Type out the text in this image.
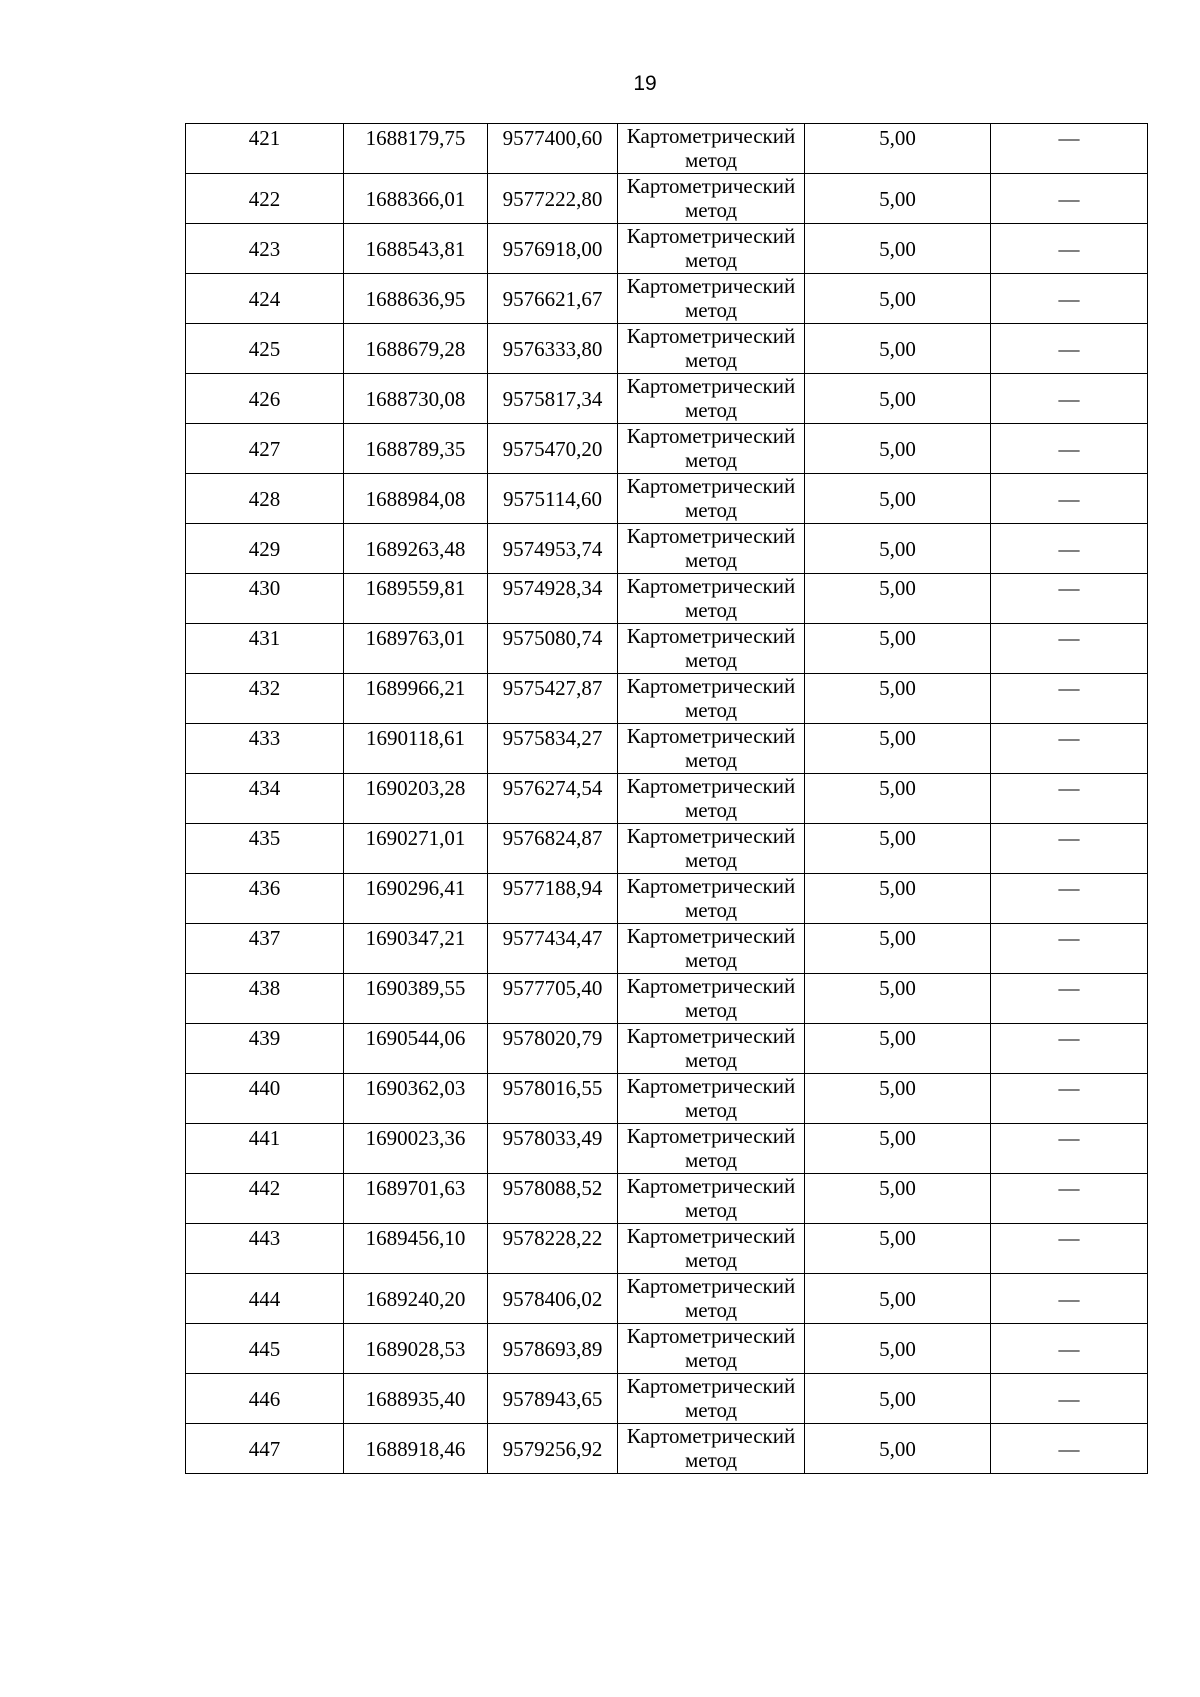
19
421	1688179,75	9577400,60	Картометрический метод	5,00	—
422	1688366,01	9577222,80	Картометрический метод	5,00	—
423	1688543,81	9576918,00	Картометрический метод	5,00	—
424	1688636,95	9576621,67	Картометрический метод	5,00	—
425	1688679,28	9576333,80	Картометрический метод	5,00	—
426	1688730,08	9575817,34	Картометрический метод	5,00	—
427	1688789,35	9575470,20	Картометрический метод	5,00	—
428	1688984,08	9575114,60	Картометрический метод	5,00	—
429	1689263,48	9574953,74	Картометрический метод	5,00	—
430	1689559,81	9574928,34	Картометрический метод	5,00	—
431	1689763,01	9575080,74	Картометрический метод	5,00	—
432	1689966,21	9575427,87	Картометрический метод	5,00	—
433	1690118,61	9575834,27	Картометрический метод	5,00	—
434	1690203,28	9576274,54	Картометрический метод	5,00	—
435	1690271,01	9576824,87	Картометрический метод	5,00	—
436	1690296,41	9577188,94	Картометрический метод	5,00	—
437	1690347,21	9577434,47	Картометрический метод	5,00	—
438	1690389,55	9577705,40	Картометрический метод	5,00	—
439	1690544,06	9578020,79	Картометрический метод	5,00	—
440	1690362,03	9578016,55	Картометрический метод	5,00	—
441	1690023,36	9578033,49	Картометрический метод	5,00	—
442	1689701,63	9578088,52	Картометрический метод	5,00	—
443	1689456,10	9578228,22	Картометрический метод	5,00	—
444	1689240,20	9578406,02	Картометрический метод	5,00	—
445	1689028,53	9578693,89	Картометрический метод	5,00	—
446	1688935,40	9578943,65	Картометрический метод	5,00	—
447	1688918,46	9579256,92	Картометрический метод	5,00	—
